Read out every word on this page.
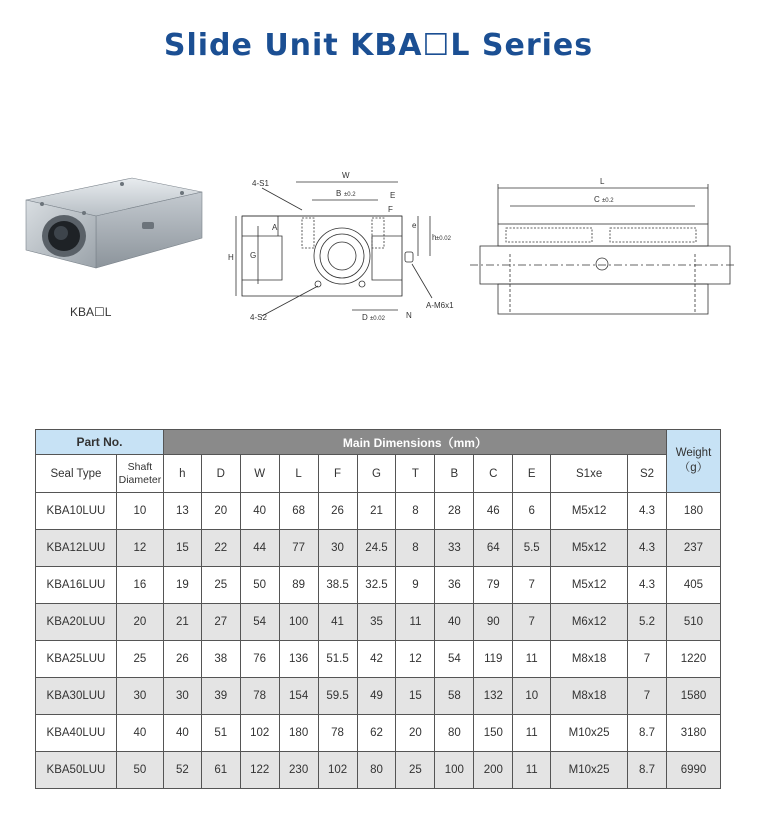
Slide Unit KBA☐L Series
KBA☐L
W
B ±0.2
4-S1
E
F
H G
A	e
h ±0.02
4-S2	D ±0.02	N
A-M6x1
L
C ±0.2
Part No.		Main Dimensions（mm）												Weight
（g）

Seal Type	Shaft
Diameter	h	D	W	L	F	G	T	B	C	E	S1xe	S2	
KBA10LUU	10	13	20	40	68	26	21	8	28	46	6	M5x12	4.3	180
KBA12LUU	12	15	22	44	77	30	24.5	8	33	64	5.5	M5x12	4.3	237
KBA16LUU	16	19	25	50	89	38.5	32.5	9	36	79	7	M5x12	4.3	405
KBA20LUU	20	21	27	54	100	41	35	11	40	90	7	M6x12	5.2	510
KBA25LUU	25	26	38	76	136	51.5	42	12	54	119	11	M8x18	7	1220
KBA30LUU	30	30	39	78	154	59.5	49	15	58	132	10	M8x18	7	1580
KBA40LUU	40	40	51	102	180	78	62	20	80	150	11	M10x25	8.7	3180
KBA50LUU	50	52	61	122	230	102	80	25	100	200	11	M10x25	8.7	6990
